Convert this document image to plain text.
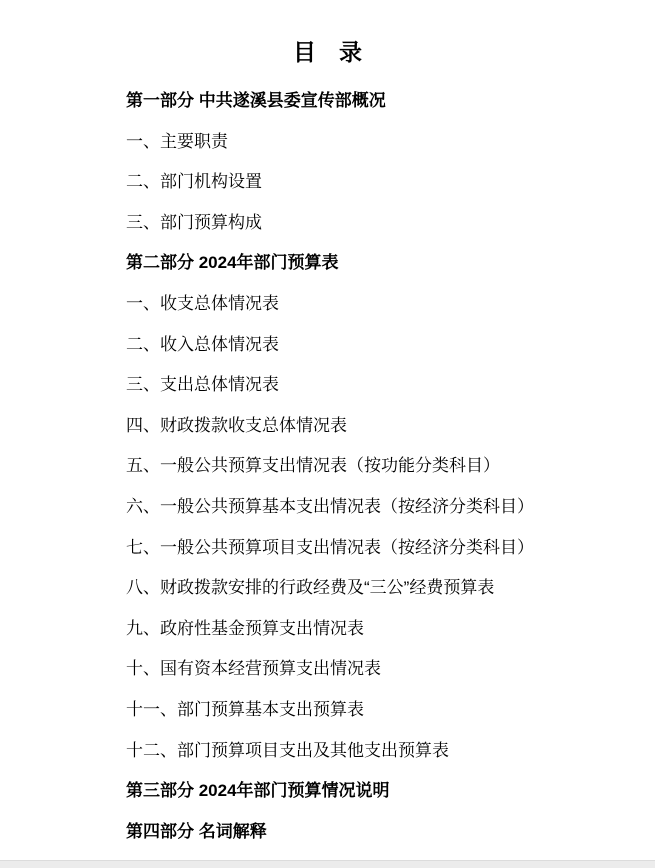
目　录
第一部分 中共遂溪县委宣传部概况
一、主要职责
二、部门机构设置
三、部门预算构成
第二部分 2024年部门预算表
一、收支总体情况表
二、收入总体情况表
三、支出总体情况表
四、财政拨款收支总体情况表
五、一般公共预算支出情况表（按功能分类科目）
六、一般公共预算基本支出情况表（按经济分类科目）
七、一般公共预算项目支出情况表（按经济分类科目）
八、财政拨款安排的行政经费及“三公”经费预算表
九、政府性基金预算支出情况表
十、国有资本经营预算支出情况表
十一、部门预算基本支出预算表
十二、部门预算项目支出及其他支出预算表
第三部分 2024年部门预算情况说明
第四部分 名词解释
